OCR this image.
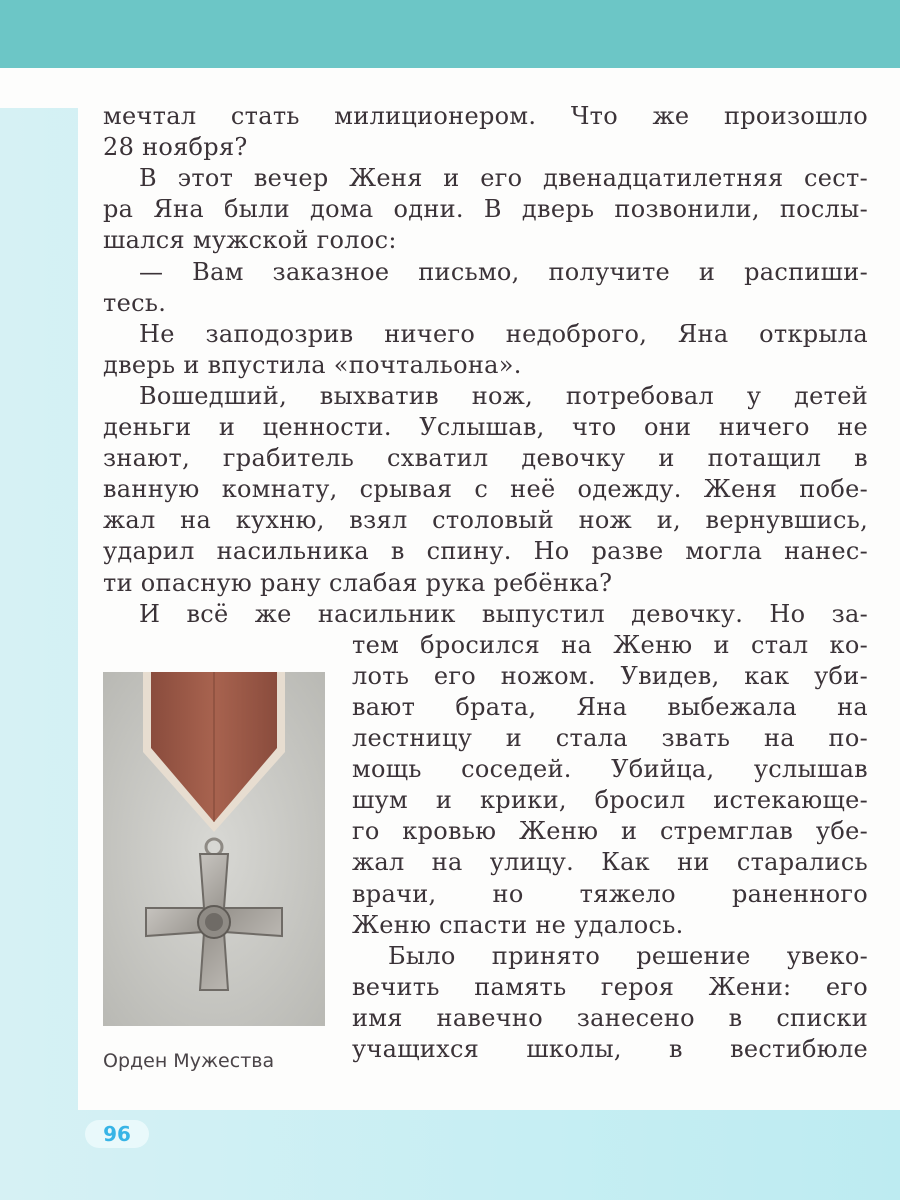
мечтал стать милиционером. Что же произошло
28 ноября?
В этот вечер Женя и его двенадцатилетняя сест-
ра Яна были дома одни. В дверь позвонили, послы-
шался мужской голос:
— Вам заказное письмо, получите и распиши-
тесь.
Не заподозрив ничего недоброго, Яна открыла
дверь и впустила «почтальона».
Вошедший, выхватив нож, потребовал у детей
деньги и ценности. Услышав, что они ничего не
знают, грабитель схватил девочку и потащил в
ванную комнату, срывая с неё одежду. Женя побе-
жал на кухню, взял столовый нож и, вернувшись,
ударил насильника в спину. Но разве могла нанес-
ти опасную рану слабая рука ребёнка?
И всё же насильник выпустил девочку. Но за-
тем бросился на Женю и стал ко-
лоть его ножом. Увидев, как уби-
вают брата, Яна выбежала на
лестницу и стала звать на по-
мощь соседей. Убийца, услышав
шум и крики, бросил истекающе-
го кровью Женю и стремглав убе-
жал на улицу. Как ни старались
врачи, но тяжело раненного
Женю спасти не удалось.
Было принято решение увеко-
вечить память героя Жени: его
имя навечно занесено в списки
учащихся школы, в вестибюле
Орден Мужества
96
